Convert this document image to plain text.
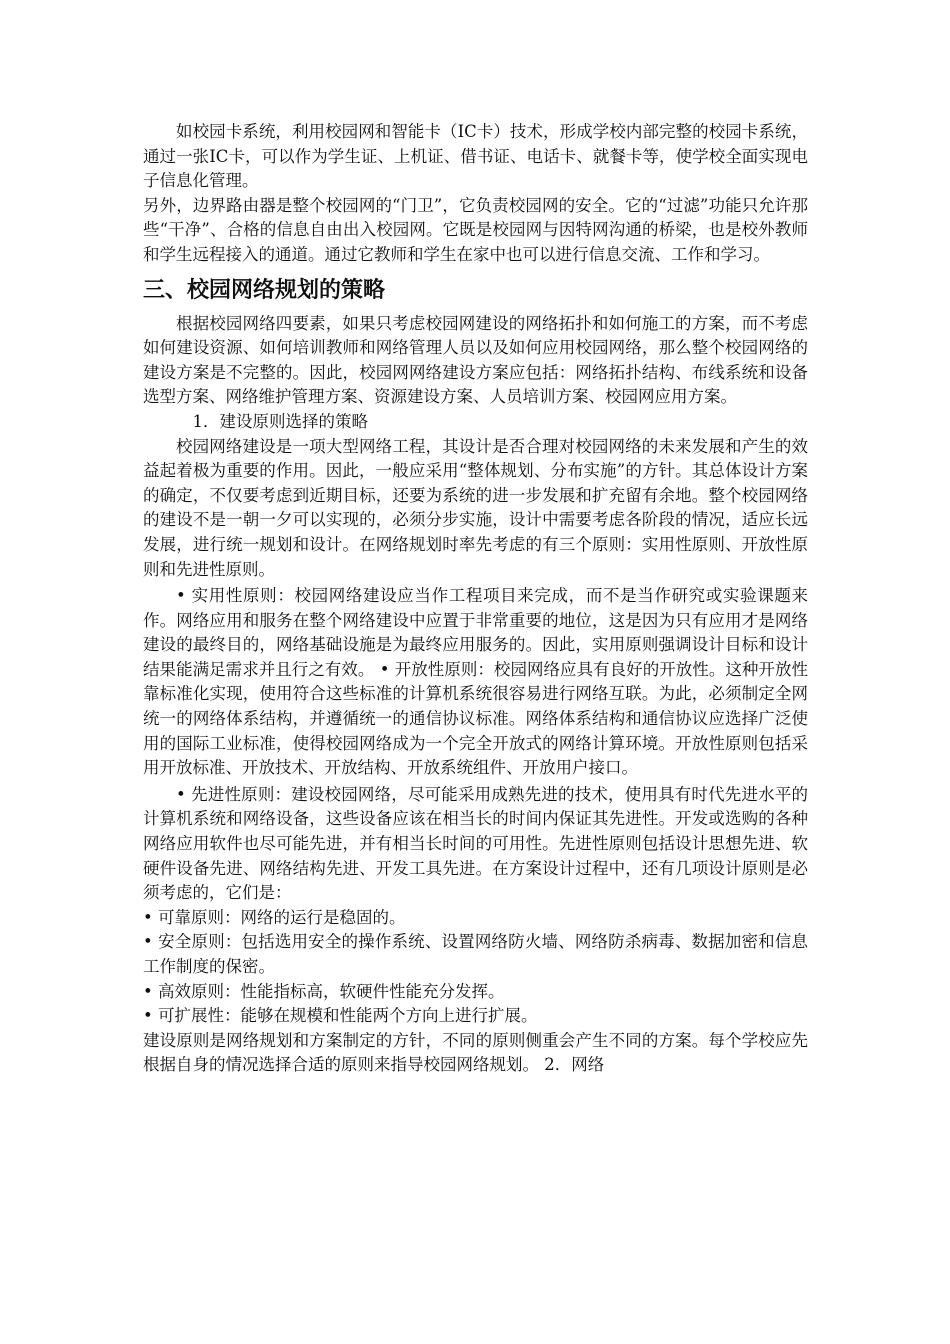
如校园卡系统，利用校园网和智能卡（IC卡）技术，形成学校内部完整的校园卡系统，通过一张IC卡，可以作为学生证、上机证、借书证、电话卡、就餐卡等，使学校全面实现电子信息化管理。

另外，边界路由器是整个校园网的“门卫”，它负责校园网的安全。它的“过滤”功能只允许那些“干净”、合格的信息自由出入校园网。它既是校园网与因特网沟通的桥梁，也是校外教师和学生远程接入的通道。通过它教师和学生在家中也可以进行信息交流、工作和学习。

三、校园网络规划的策略

根据校园网络四要素，如果只考虑校园网建设的网络拓扑和如何施工的方案，而不考虑如何建设资源、如何培训教师和网络管理人员以及如何应用校园网络，那么整个校园网络的建设方案是不完整的。因此，校园网网络建设方案应包括：网络拓扑结构、布线系统和设备选型方案、网络维护管理方案、资源建设方案、人员培训方案、校园网应用方案。

1．建设原则选择的策略

校园网络建设是一项大型网络工程，其设计是否合理对校园网络的未来发展和产生的效益起着极为重要的作用。因此，一般应采用“整体规划、分布实施”的方针。其总体设计方案的确定，不仅要考虑到近期目标，还要为系统的进一步发展和扩充留有余地。整个校园网络的建设不是一朝一夕可以实现的，必须分步实施，设计中需要考虑各阶段的情况，适应长远发展，进行统一规划和设计。在网络规划时率先考虑的有三个原则：实用性原则、开放性原则和先进性原则。

• 实用性原则：校园网络建设应当作工程项目来完成，而不是当作研究或实验课题来作。网络应用和服务在整个网络建设中应置于非常重要的地位，这是因为只有应用才是网络建设的最终目的，网络基础设施是为最终应用服务的。因此，实用原则强调设计目标和设计结果能满足需求并且行之有效。 • 开放性原则：校园网络应具有良好的开放性。这种开放性靠标准化实现，使用符合这些标准的计算机系统很容易进行网络互联。为此，必须制定全网统一的网络体系结构，并遵循统一的通信协议标准。网络体系结构和通信协议应选择广泛使用的国际工业标准，使得校园网络成为一个完全开放式的网络计算环境。开放性原则包括采用开放标准、开放技术、开放结构、开放系统组件、开放用户接口。

• 先进性原则：建设校园网络，尽可能采用成熟先进的技术，使用具有时代先进水平的计算机系统和网络设备，这些设备应该在相当长的时间内保证其先进性。开发或选购的各种网络应用软件也尽可能先进，并有相当长时间的可用性。先进性原则包括设计思想先进、软硬件设备先进、网络结构先进、开发工具先进。在方案设计过程中，还有几项设计原则是必须考虑的，它们是：

• 可靠原则：网络的运行是稳固的。

• 安全原则：包括选用安全的操作系统、设置网络防火墙、网络防杀病毒、数据加密和信息工作制度的保密。

• 高效原则：性能指标高，软硬件性能充分发挥。

• 可扩展性：能够在规模和性能两个方向上进行扩展。

建设原则是网络规划和方案制定的方针，不同的原则侧重会产生不同的方案。每个学校应先根据自身的情况选择合适的原则来指导校园网络规划。 2．网络
